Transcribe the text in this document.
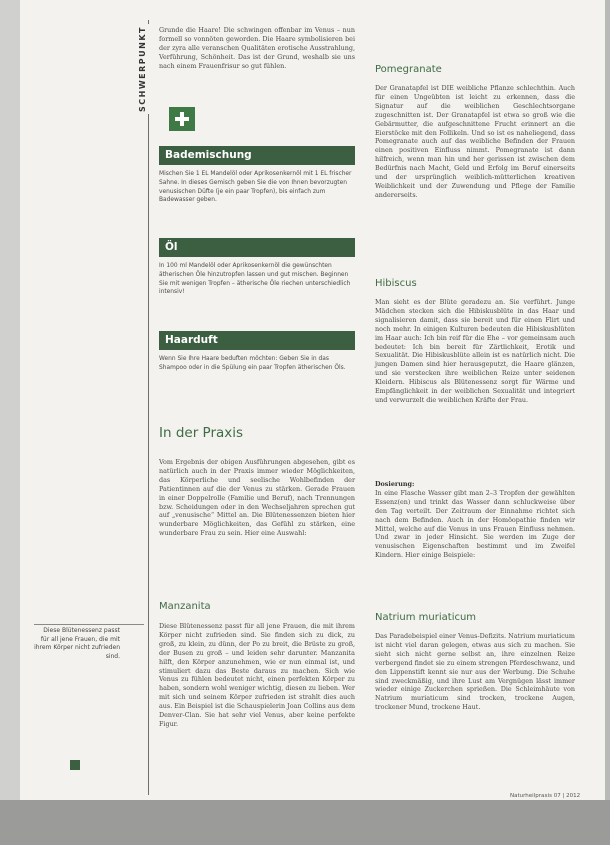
SCHWERPUNKT	Grunde die Haare! Die schwingen offenbar im Venus – nun formell so vonnöten geworden. Die Haare symbolisieren bei der zyra alle veranschen Qualitäten erotische Ausstrahlung, Verführung, Schönheit. Das ist der Grund, weshalb sie uns nach einem Frauenfrisur so gut fühlen.

Bademischung
Mischen Sie 1 EL Mandelöl oder Aprikosenkernöl mit 1 EL frischer Sahne. In dieses Gemisch geben Sie die von Ihnen bevorzugten venusischen Düfte (je ein paar Tropfen), bis einfach zum Badewasser geben.
Öl
In 100 ml Mandelöl oder Aprikosenkernöl die gewünschten ätherischen Öle hinzutropfen lassen und gut mischen. Beginnen Sie mit wenigen Tropfen – ätherische Öle riechen unterschiedlich intensiv!
Haarduft
Wenn Sie Ihre Haare beduften möchten: Geben Sie in das Shampoo oder in die Spülung ein paar Tropfen ätherischen Öls.
In der Praxis
Vom Ergebnis der obigen Ausführungen abgesehen, gibt es natürlich auch in der Praxis immer wieder Möglichkeiten, das Körperliche und seelische Wohlbefinden der Patientinnen auf die der Venus zu stärken. Gerade Frauen in einer Doppelrolle (Familie und Beruf), nach Trennungen bzw. Scheidungen oder in den Wechseljahren sprechen gut auf „venusische“ Mittel an. Die Blütenessenzen bieten hier wunderbare Möglichkeiten, das Gefühl zu stärken, eine wunderbare Frau zu sein. Hier eine Auswahl:
Manzanita
Diese Blütenessenz passt für all jene Frauen, die mit ihrem Körper nicht zufrieden sind. Sie finden sich zu dick, zu groß, zu klein, zu dünn, der Po zu breit, die Brüste zu groß, der Busen zu groß – und leiden sehr darunter. Manzanita hilft, den Körper anzunehmen, wie er nun einmal ist, und stimuliert dazu das Beste daraus zu machen. Sich wie Venus zu fühlen bedeutet nicht, einen perfekten Körper zu haben, sondern wohl weniger wichtig, diesen zu lieben. Wer mit sich und seinem Körper zufrieden ist strahlt dies auch aus. Ein Beispiel ist die Schauspielerin Joan Collins aus dem Denver-Clan. Sie hat sehr viel Venus, aber keine perfekte Figur.
Pomegranate
Der Granatapfel ist DIE weibliche Pflanze schlechthin. Auch für einen Ungeübten ist leicht zu erkennen, dass die Signatur auf die weiblichen Geschlechtsorgane zugeschnitten ist. Der Granatapfel ist etwa so groß wie die Gebärmutter, die aufgeschnittene Frucht erinnert an die Eierstöcke mit den Follikeln. Und so ist es naheliegend, dass Pomegranate auch auf das weibliche Befinden der Frauen einen positiven Einfluss nimmt. Pomegranate ist dann hilfreich, wenn man hin und her gerissen ist zwischen dem Bedürfnis nach Macht, Geld und Erfolg im Beruf einerseits und der ursprünglich weiblich-mütterlichen kreativen Weiblichkeit und der Zuwendung und Pflege der Familie andererseits.
Hibiscus
Man sieht es der Blüte geradezu an. Sie verführt. Junge Mädchen stecken sich die Hibiskusblüte in das Haar und signalisieren damit, dass sie bereit und für einen Flirt und noch mehr. In einigen Kulturen bedeuten die Hibiskusblüten im Haar auch: Ich bin reif für die Ehe – vor gemeinsam auch bedeutet: Ich bin bereit für Zärtlichkeit, Erotik und Sexualität. Die Hibiskusblüte allein ist es natürlich nicht. Die jungen Damen sind hier herausgeputzt, die Haare glänzen, und sie verstecken ihre weiblichen Reize unter seidenen Kleidern. Hibiscus als Blütenessenz sorgt für Wärme und Empfänglichkeit in der weiblichen Sexualität und integriert und verwurzelt die weiblichen Kräfte der Frau.

Dosierung:

In eine Flasche Wasser gibt man 2–3 Tropfen der gewählten Essenz(en) und trinkt das Wasser dann schluckweise über den Tag verteilt. Der Zeitraum der Einnahme richtet sich nach dem Befinden. Auch in der Homöopathie finden wir Mittel, welche auf die Venus in uns Frauen Einfluss nehmen. Und zwar in jeder Hinsicht. Sie werden im Zuge der venusischen Eigenschaften bestimmt und im Zweifel Kindern. Hier einige Beispiele:

Natrium muriaticum
Das Paradebeispiel einer Venus-Defizits. Natrium muriaticum ist nicht viel daran gelegen, etwas aus sich zu machen. Sie sieht sich nicht gerne selbst an, ihre einzelnen Reize verbergend findet sie zu einem strengen Pferdeschwanz, und den Lippenstift kennt sie nur aus der Werbung. Die Schuhe sind zweckmäßig, und ihre Lust am Vergnügen lässt immer wieder einige Zuckerchen sprießen. Die Schleimhäute von Natrium muriaticum sind trocken, trockene Augen, trockener Mund, trockene Haut.
Diese Blütenessenz passt für all jene Frauen, die mit ihrem Körper nicht zufrieden sind.
Naturheilpraxis 07 | 2012
